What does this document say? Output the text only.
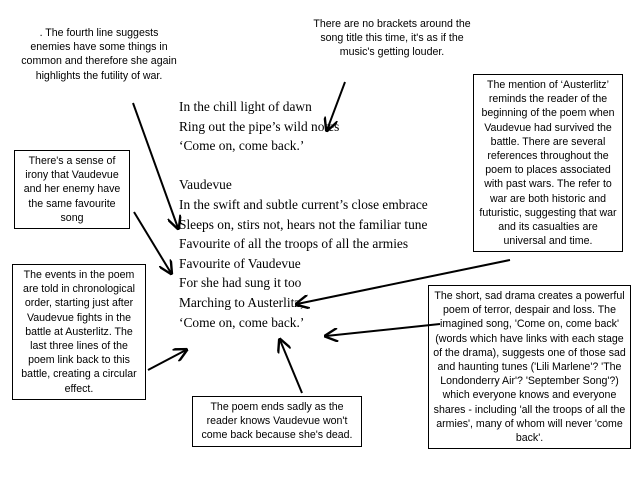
In the chill light of dawn
Ring out the pipe’s wild notes
‘Come on, come back.’
Vaudevue
In the swift and subtle current’s close embrace
Sleeps on, stirs not, hears not the familiar tune
Favourite of all the troops of all the armies
Favourite of Vaudevue
For she had sung it too
Marching to Austerlitz,
‘Come on, come back.’

There are no brackets around the song title this time, it's as if the music's getting louder.

. The fourth line suggests enemies have some things in common and therefore she again highlights the futility of war.

There's a sense of irony that Vaudevue and her enemy have the same favourite song

The events in the poem are told in chronological order, starting just after Vaudevue fights in the battle at Austerlitz. The last three lines of the poem link back to this battle, creating a circular effect.

The mention of ‘Austerlitz’ reminds the reader of the beginning of the poem when Vaudevue had survived the battle. There are several references throughout the poem to places associated with past wars. The refer to war are both historic and futuristic, suggesting that war and its casualties are universal and time.

The short, sad drama creates a powerful poem of terror, despair and loss. The imagined song, 'Come on, come back' (words which have links with each stage of the drama), suggests one of those sad and haunting tunes ('Lili Marlene'? 'The Londonderry Air'? 'September Song'?) which everyone knows and everyone shares - including 'all the troops of all the armies', many of whom will never 'come back'.

The poem ends sadly as the reader knows Vaudevue won't come back because she's dead.
